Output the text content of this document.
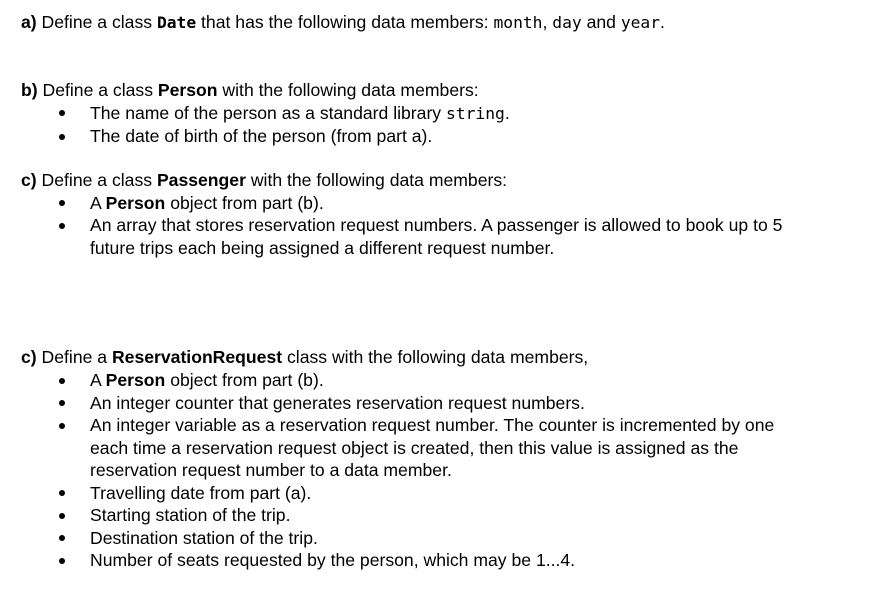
a) Define a class Date that has the following data members: month, day and year.
b) Define a class Person with the following data members:
The name of the person as a standard library string.
The date of birth of the person (from part a).
c) Define a class Passenger with the following data members:
A Person object from part (b).
An array that stores reservation request numbers. A passenger is allowed to book up to 5
future trips each being assigned a different request number.
c) Define a ReservationRequest class with the following data members,
A Person object from part (b).
An integer counter that generates reservation request numbers.
An integer variable as a reservation request number. The counter is incremented by one
each time a reservation request object is created, then this value is assigned as the
reservation request number to a data member.
Travelling date from part (a).
Starting station of the trip.
Destination station of the trip.
Number of seats requested by the person, which may be 1...4.
